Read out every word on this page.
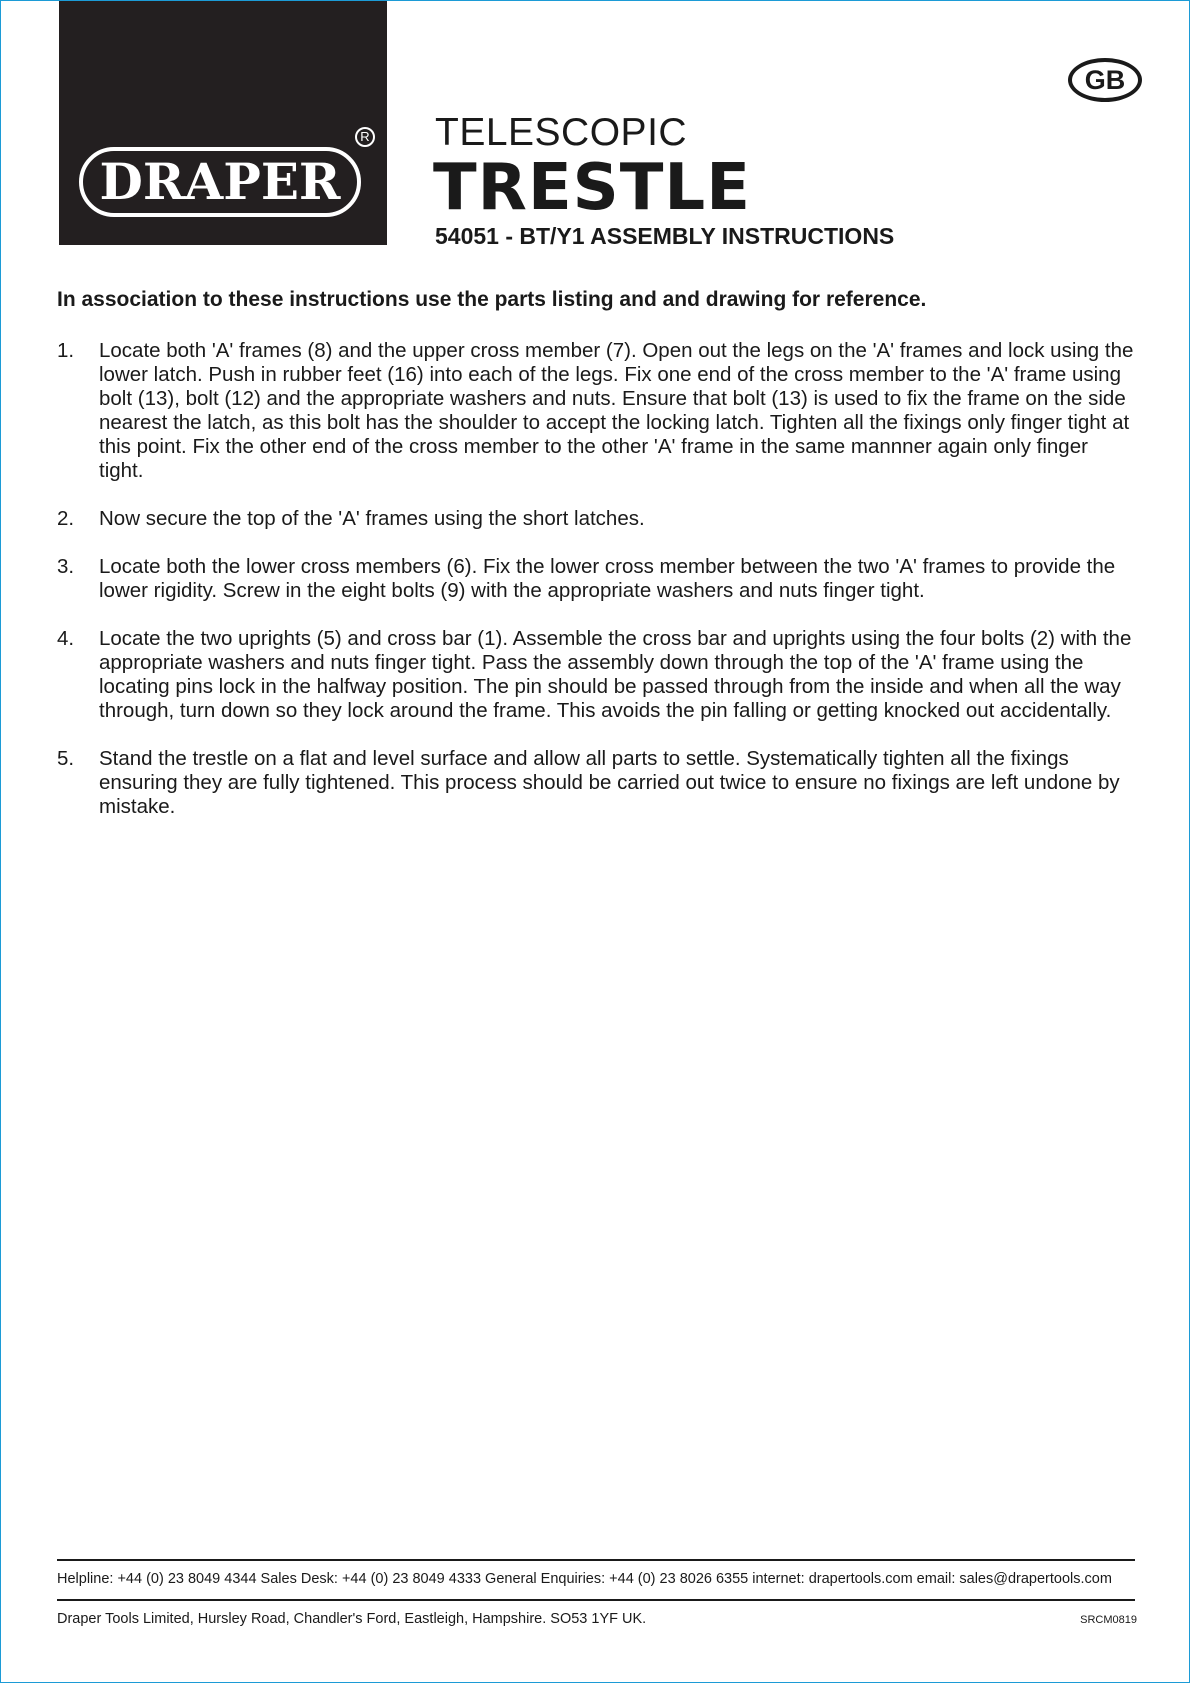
R
DRAPER
GB
TELESCOPIC
TRESTLE
54051 - BT/Y1 ASSEMBLY INSTRUCTIONS
In association to these instructions use the parts listing and and drawing for reference.
1. Locate both 'A' frames (8) and the upper cross member (7). Open out the legs on the 'A' frames and lock using the lower latch. Push in rubber feet (16) into each of the legs. Fix one end of the cross member to the 'A' frame using bolt (13), bolt (12) and the appropriate washers and nuts. Ensure that bolt (13) is used to fix the frame on the side nearest the latch, as this bolt has the shoulder to accept the locking latch. Tighten all the fixings only finger tight at this point. Fix the other end of the cross member to the other 'A' frame in the same mannner again only finger tight.
2. Now secure the top of the 'A' frames using the short latches.
3. Locate both the lower cross members (6). Fix the lower cross member between the two 'A' frames to provide the lower rigidity. Screw in the eight bolts (9) with the appropriate washers and nuts finger tight.
4. Locate the two uprights (5) and cross bar (1). Assemble the cross bar and uprights using the four bolts (2) with the appropriate washers and nuts finger tight. Pass the assembly down through the top of the 'A' frame using the locating pins lock in the halfway position. The pin should be passed through from the inside and when all the way through, turn down so they lock around the frame. This avoids the pin falling or getting knocked out accidentally.
5. Stand the trestle on a flat and level surface and allow all parts to settle. Systematically tighten all the fixings ensuring they are fully tightened. This process should be carried out twice to ensure no fixings are left undone by mistake.
Helpline: +44 (0) 23 8049 4344 Sales Desk: +44 (0) 23 8049 4333 General Enquiries: +44 (0) 23 8026 6355 internet: drapertools.com email: sales@drapertools.com
Draper Tools Limited, Hursley Road, Chandler's Ford, Eastleigh, Hampshire. SO53 1YF UK.	SRCM0819
